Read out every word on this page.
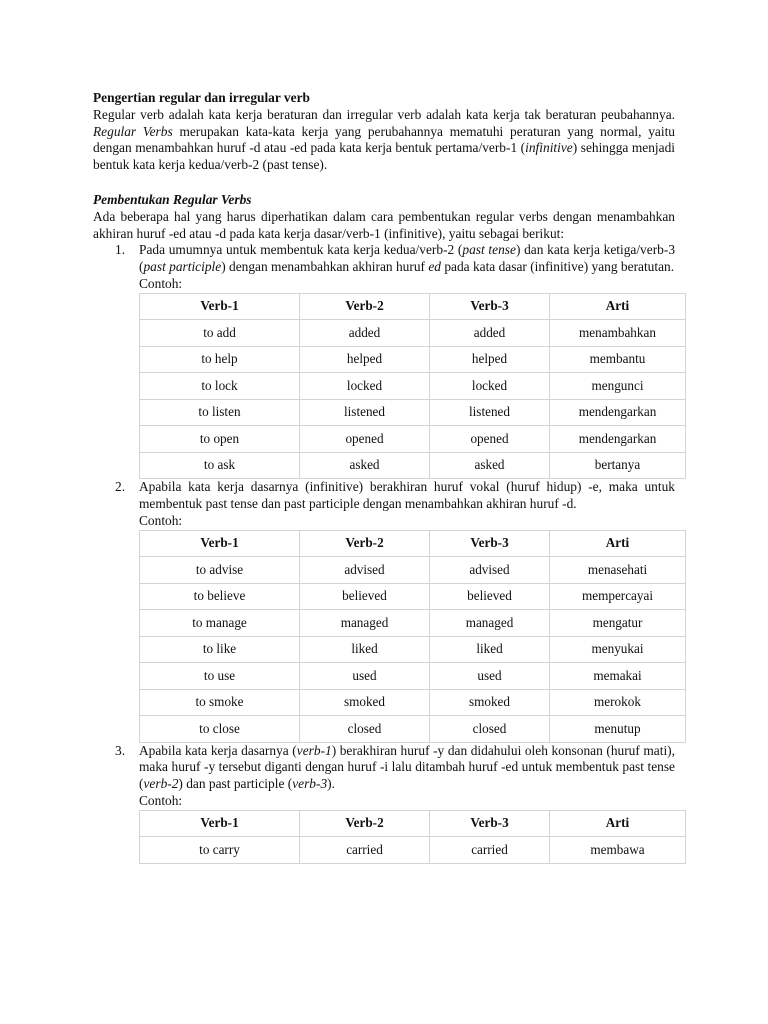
Pengertian regular dan irregular verb
Regular verb adalah kata kerja beraturan dan irregular verb adalah kata kerja tak beraturan peubahannya. Regular Verbs merupakan kata-kata kerja yang perubahannya mematuhi peraturan yang normal, yaitu dengan menambahkan huruf -d atau -ed pada kata kerja bentuk pertama/verb-1 (infinitive) sehingga menjadi bentuk kata kerja kedua/verb-2 (past tense).
Pembentukan Regular Verbs
Ada beberapa hal yang harus diperhatikan dalam cara pembentukan regular verbs dengan menambahkan akhiran huruf -ed atau -d pada kata kerja dasar/verb-1 (infinitive), yaitu sebagai berikut:
1. Pada umumnya untuk membentuk kata kerja kedua/verb-2 (past tense) dan kata kerja ketiga/verb-3 (past participle) dengan menambahkan akhiran huruf ed pada kata dasar (infinitive) yang beratutan.
Contoh:
Verb-1	Verb-2	Verb-3	Arti
to add	added	added	menambahkan
to help	helped	helped	membantu
to lock	locked	locked	mengunci
to listen	listened	listened	mendengarkan
to open	opened	opened	mendengarkan
to ask	asked	asked	bertanya
2. Apabila kata kerja dasarnya (infinitive) berakhiran huruf vokal (huruf hidup) -e, maka untuk membentuk past tense dan past participle dengan menambahkan akhiran huruf -d.
Contoh:
Verb-1	Verb-2	Verb-3	Arti
to advise	advised	advised	menasehati
to believe	believed	believed	mempercayai
to manage	managed	managed	mengatur
to like	liked	liked	menyukai
to use	used	used	memakai
to smoke	smoked	smoked	merokok
to close	closed	closed	menutup
3. Apabila kata kerja dasarnya (verb-1) berakhiran huruf -y dan didahului oleh konsonan (huruf mati), maka huruf -y tersebut diganti dengan huruf -i lalu ditambah huruf -ed untuk membentuk past tense (verb-2) dan past participle (verb-3).
Contoh:
Verb-1	Verb-2	Verb-3	Arti
to carry	carried	carried	membawa
